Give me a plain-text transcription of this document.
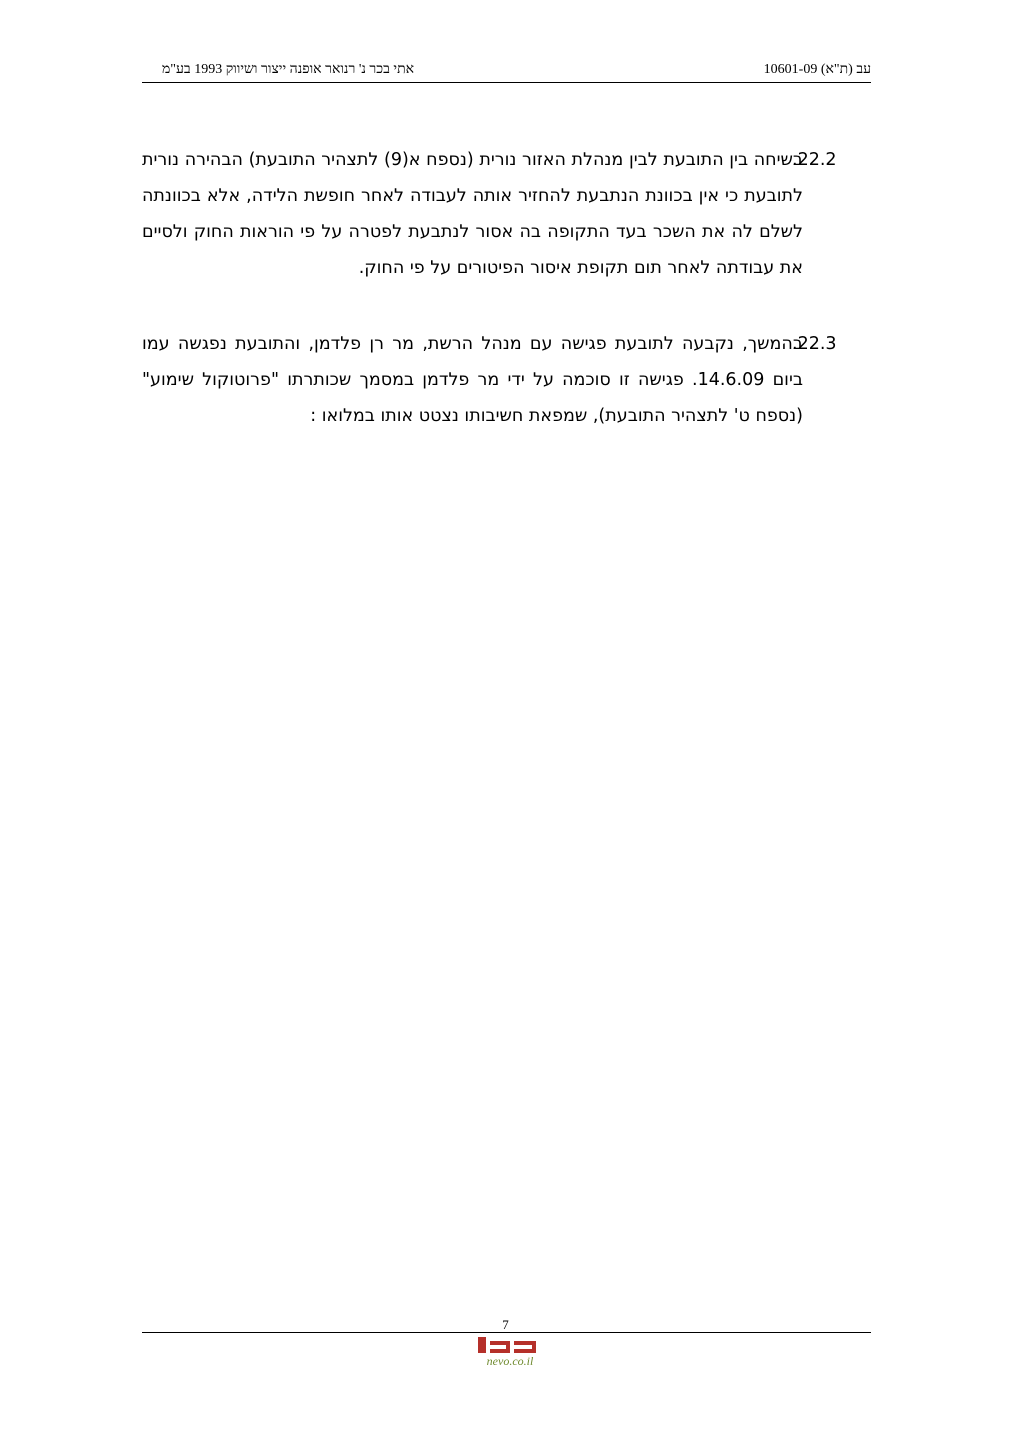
עב (ת"א) 10601-09
אתי בכר נ' רנואר אופנה ייצור ושיווק 1993 בע"מ
.22.2

בשיחה בין התובעת לבין מנהלת האזור נורית (נספח א(9) לתצהיר התובעת) הבהירה נורית לתובעת כי אין בכוונת הנתבעת להחזיר אותה לעבודה לאחר חופשת הלידה, אלא בכוונתה לשלם לה את השכר בעד התקופה בה אסור לנתבעת לפטרה על פי הוראות החוק ולסיים את עבודתה לאחר תום תקופת איסור הפיטורים על פי החוק.

.22.3

בהמשך, נקבעה לתובעת פגישה עם מנהל הרשת, מר רן פלדמן, והתובעת נפגשה עמו ביום 14.6.09. פגישה זו סוכמה על ידי מר פלדמן במסמך שכותרתו "פרוטוקול שימוע" (נספח ט' לתצהיר התובעת), שמפאת חשיבותו נצטט אותו במלואו :

7
nevo.co.il
